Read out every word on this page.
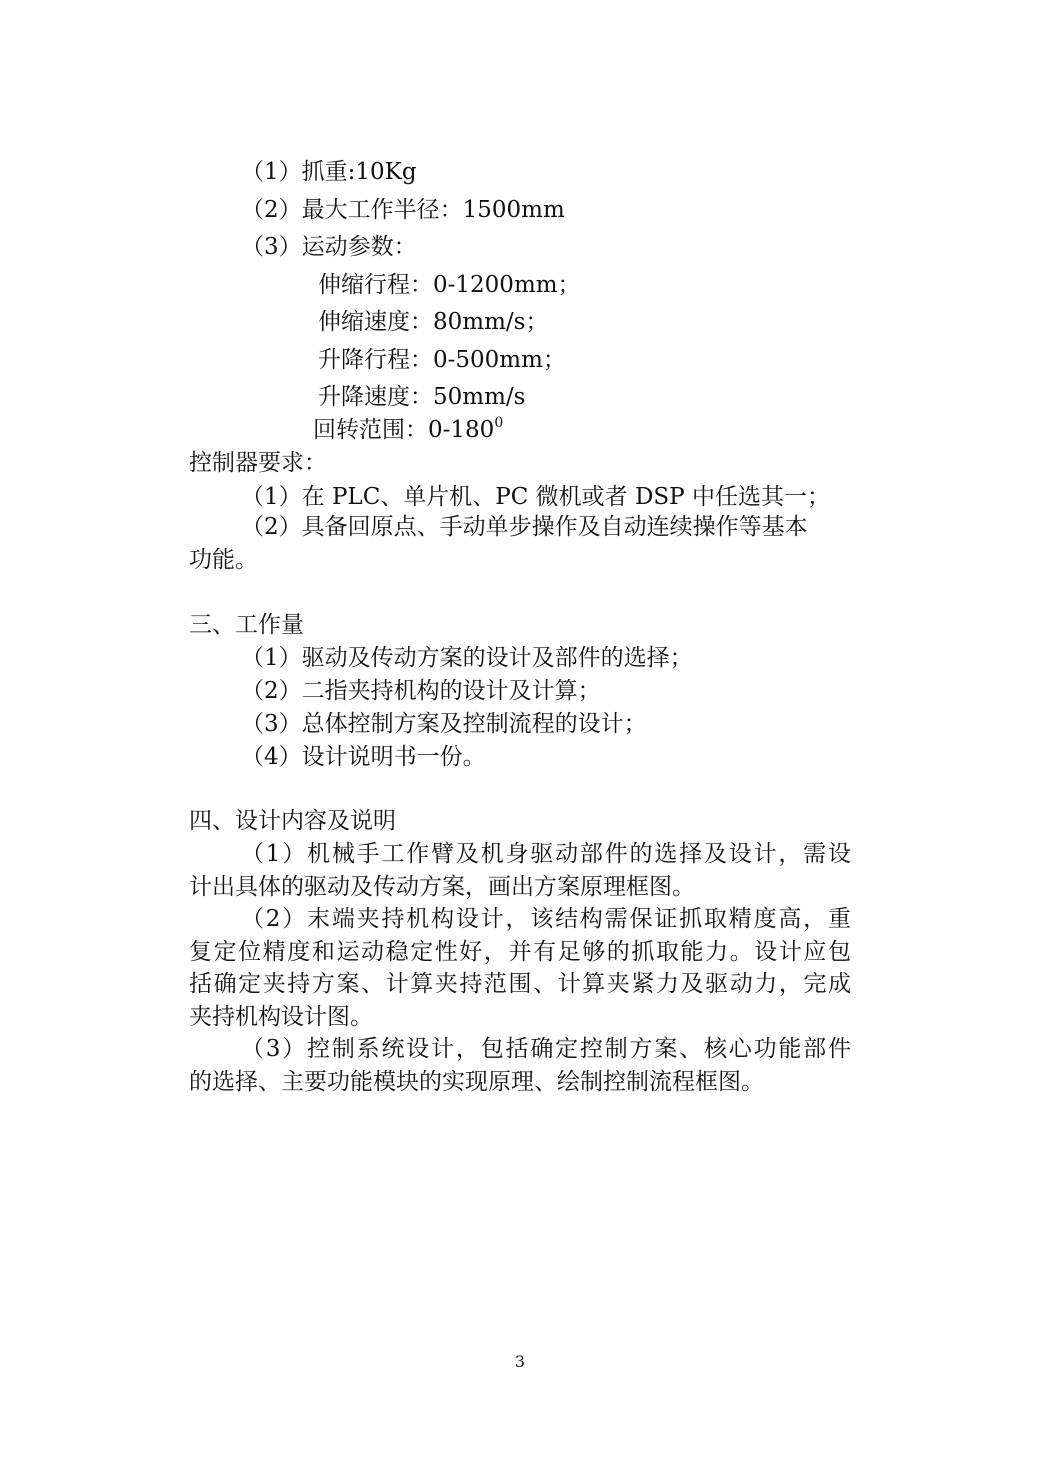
（1）抓重:10Kg
（2）最大工作半径：1500mm
（3）运动参数：
伸缩行程：0-1200mm；
伸缩速度：80mm/s；
升降行程：0-500mm；
升降速度：50mm/s
回转范围：$0-180^0$
控制器要求：
（1）在 PLC、单片机、PC 微机或者 DSP 中任选其一；
（2）具备回原点、手动单步操作及自动连续操作等基本
功能。
三、工作量
（1）驱动及传动方案的设计及部件的选择；
（2）二指夹持机构的设计及计算；
（3）总体控制方案及控制流程的设计；
（4）设计说明书一份。
四、设计内容及说明
（1）机械手工作臂及机身驱动部件的选择及设计，需设
计出具体的驱动及传动方案，画出方案原理框图。
（2）末端夹持机构设计，该结构需保证抓取精度高，重
复定位精度和运动稳定性好，并有足够的抓取能力。设计应包
括确定夹持方案、计算夹持范围、计算夹紧力及驱动力，完成
夹持机构设计图。
（3）控制系统设计，包括确定控制方案、核心功能部件
的选择、主要功能模块的实现原理、绘制控制流程框图。
3
